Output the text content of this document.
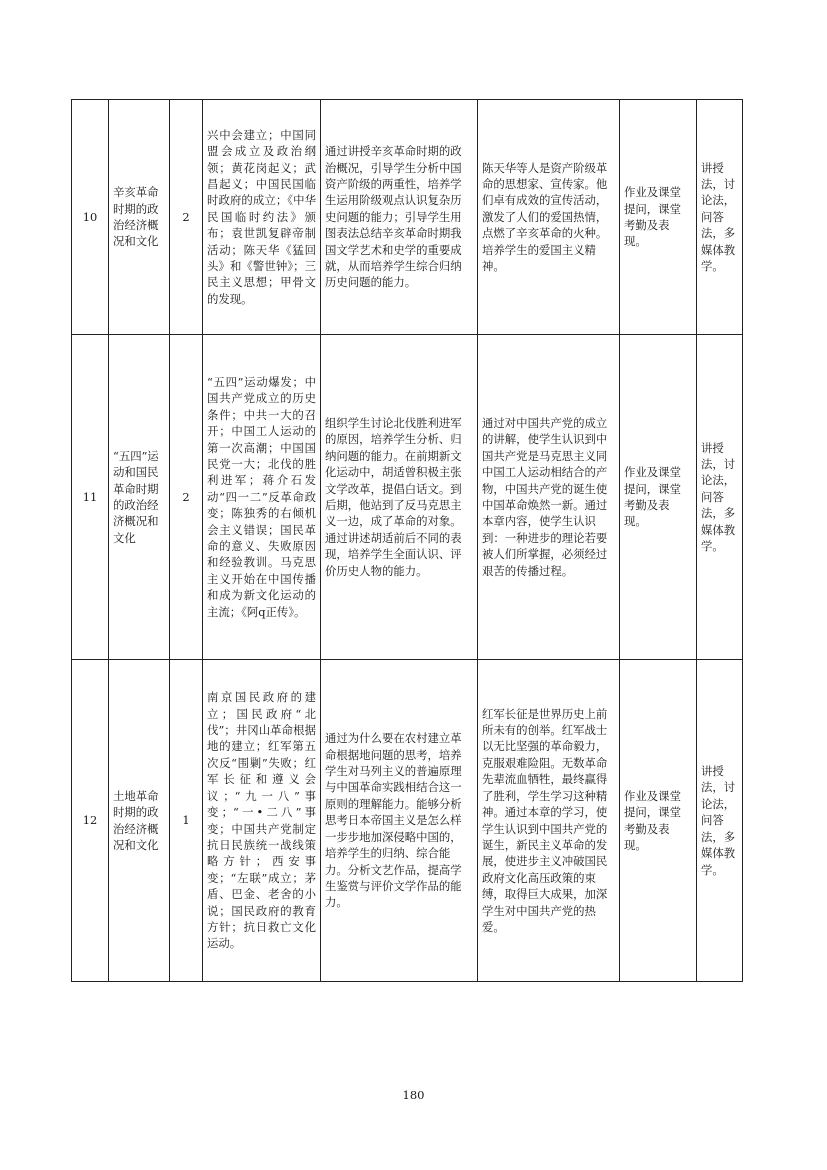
10	辛亥革命时期的政治经济概况和文化	2	兴中会建立；中国同盟会成立及政治纲领；黄花岗起义；武昌起义；中国民国临时政府的成立；《中华民国临时约法》颁布；袁世凯复辟帝制活动；陈天华《猛回头》和《警世钟》；三民主义思想；甲骨文的发现。	通过讲授辛亥革命时期的政治概况，引导学生分析中国资产阶级的两重性，培养学生运用阶级观点认识复杂历史问题的能力；引导学生用图表法总结辛亥革命时期我国文学艺术和史学的重要成就，从而培养学生综合归纳历史问题的能力。	陈天华等人是资产阶级革命的思想家、宣传家。他们卓有成效的宣传活动，激发了人们的爱国热情，点燃了辛亥革命的火种。培养学生的爱国主义精神。	作业及课堂提问，课堂考勤及表现。	讲授法，讨论法，问答法，多媒体教学。
11	“五四”运动和国民革命时期的政治经济概况和文化	2	“五四”运动爆发；中国共产党成立的历史条件；中共一大的召开；中国工人运动的第一次高潮；中国国民党一大；北伐的胜利进军；蒋介石发动“四一二”反革命政变；陈独秀的右倾机会主义错误；国民革命的意义、失败原因和经验教训。马克思主义开始在中国传播和成为新文化运动的主流；《阿q正传》。	组织学生讨论北伐胜利进军的原因，培养学生分析、归纳问题的能力。在前期新文化运动中，胡适曾积极主张文学改革，提倡白话文。到后期，他站到了反马克思主义一边，成了革命的对象。通过讲述胡适前后不同的表现，培养学生全面认识、评价历史人物的能力。	通过对中国共产党的成立的讲解，使学生认识到中国共产党是马克思主义同中国工人运动相结合的产物，中国共产党的诞生使中国革命焕然一新。通过本章内容，使学生认识到：一种进步的理论若要被人们所掌握，必须经过艰苦的传播过程。	作业及课堂提问，课堂考勤及表现。	讲授法，讨论法，问答法，多媒体教学。
12	土地革命时期的政治经济概况和文化	1	南京国民政府的建立；国民政府“北伐”；井冈山革命根据地的建立；红军第五次反“围剿”失败；红军长征和遵义会议；“九一八”事变；“一•二八”事变；中国共产党制定抗日民族统一战线策略方针；西安事变；“左联”成立；茅盾、巴金、老舍的小说；国民政府的教育方针；抗日救亡文化运动。	通过为什么要在农村建立革命根据地问题的思考，培养学生对马列主义的普遍原理与中国革命实践相结合这一原则的理解能力。能够分析思考日本帝国主义是怎么样一步步地加深侵略中国的，培养学生的归纳、综合能力。分析文艺作品，提高学生鉴赏与评价文学作品的能力。	红军长征是世界历史上前所未有的创举。红军战士以无比坚强的革命毅力，克服艰难险阻。无数革命先辈流血牺牲，最终赢得了胜利，学生学习这种精神。通过本章的学习，使学生认识到中国共产党的诞生，新民主义革命的发展，使进步主义冲破国民政府文化高压政策的束缚，取得巨大成果，加深学生对中国共产党的热爱。	作业及课堂提问，课堂考勤及表现。	讲授法，讨论法，问答法，多媒体教学。
180
